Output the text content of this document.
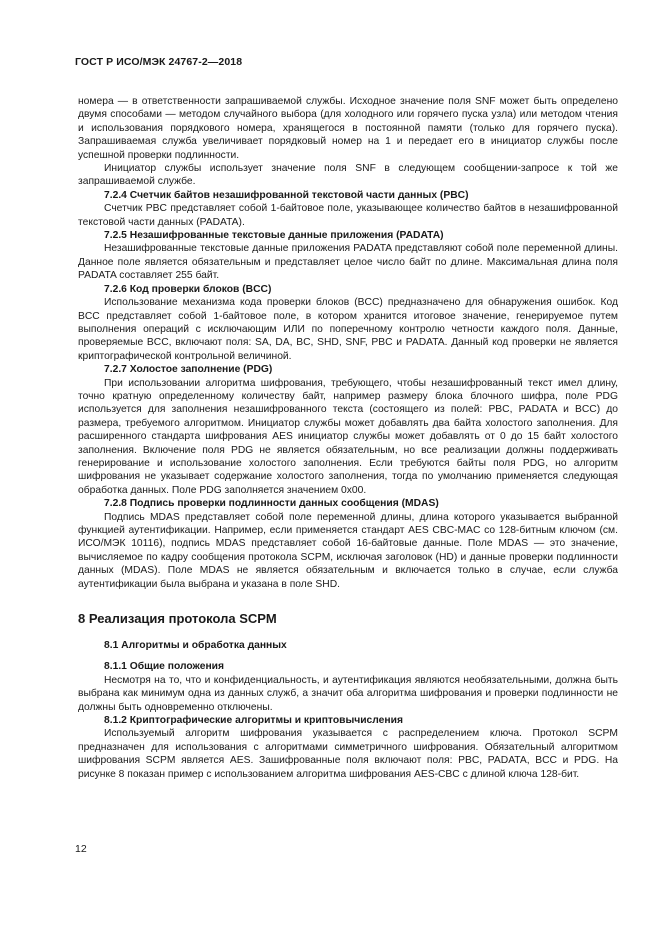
ГОСТ Р ИСО/МЭК 24767-2—2018

номера — в ответственности запрашиваемой службы. Исходное значение поля SNF может быть определено двумя способами — методом случайного выбора (для холодного или горячего пуска узла) или методом чтения и использования порядкового номера, хранящегося в постоянной памяти (только для горячего пуска). Запрашиваемая служба увеличивает порядковый номер на 1 и передает его в инициатор службы после успешной проверки подлинности.

Инициатор службы использует значение поля SNF в следующем сообщении-запросе к той же запрашиваемой службе.

7.2.4 Счетчик байтов незашифрованной текстовой части данных (PBC)

Счетчик PBC представляет собой 1-байтовое поле, указывающее количество байтов в незашифрованной текстовой части данных (PADATA).

7.2.5 Незашифрованные текстовые данные приложения (PADATA)

Незашифрованные текстовые данные приложения PADATA представляют собой поле переменной длины. Данное поле является обязательным и представляет целое число байт по длине. Максимальная длина поля PADATA составляет 255 байт.

7.2.6 Код проверки блоков (BCC)

Использование механизма кода проверки блоков (BCC) предназначено для обнаружения ошибок. Код BCC представляет собой 1-байтовое поле, в котором хранится итоговое значение, генерируемое путем выполнения операций с исключающим ИЛИ по поперечному контролю четности каждого поля. Данные, проверяемые BCC, включают поля: SA, DA, BC, SHD, SNF, PBC и PADATA. Данный код проверки не является криптографической контрольной величиной.

7.2.7 Холостое заполнение (PDG)

При использовании алгоритма шифрования, требующего, чтобы незашифрованный текст имел длину, точно кратную определенному количеству байт, например размеру блока блочного шифра, поле PDG используется для заполнения незашифрованного текста (состоящего из полей: PBC, PADATA и BCC) до размера, требуемого алгоритмом. Инициатор службы может добавлять два байта холостого заполнения. Для расширенного стандарта шифрования AES инициатор службы может добавлять от 0 до 15 байт холостого заполнения. Включение поля PDG не является обязательным, но все реализации должны поддерживать генерирование и использование холостого заполнения. Если требуются байты поля PDG, но алгоритм шифрования не указывает содержание холостого заполнения, тогда по умолчанию применяется следующая обработка данных. Поле PDG заполняется значением 0x00.

7.2.8 Подпись проверки подлинности данных сообщения (MDAS)

Подпись MDAS представляет собой поле переменной длины, длина которого указывается выбранной функцией аутентификации. Например, если применяется стандарт AES CBC-MAC со 128-битным ключом (см. ИСО/МЭК 10116), подпись MDAS представляет собой 16-байтовые данные. Поле MDAS — это значение, вычисляемое по кадру сообщения протокола SCPM, исключая заголовок (HD) и данные проверки подлинности данных (MDAS). Поле MDAS не является обязательным и включается только в случае, если служба аутентификации была выбрана и указана в поле SHD.

8 Реализация протокола SCPM
8.1 Алгоритмы и обработка данных
8.1.1 Общие положения

Несмотря на то, что и конфиденциальность, и аутентификация являются необязательными, должна быть выбрана как минимум одна из данных служб, а значит оба алгоритма шифрования и проверки подлинности не должны быть одновременно отключены.

8.1.2 Криптографические алгоритмы и криптовычисления

Используемый алгоритм шифрования указывается с распределением ключа. Протокол SCPM предназначен для использования с алгоритмами симметричного шифрования. Обязательный алгоритмом шифрования SCPM является AES. Зашифрованные поля включают поля: PBC, PADATA, BCC и PDG. На рисунке 8 показан пример с использованием алгоритма шифрования AES-CBC с длиной ключа 128-бит.

12
